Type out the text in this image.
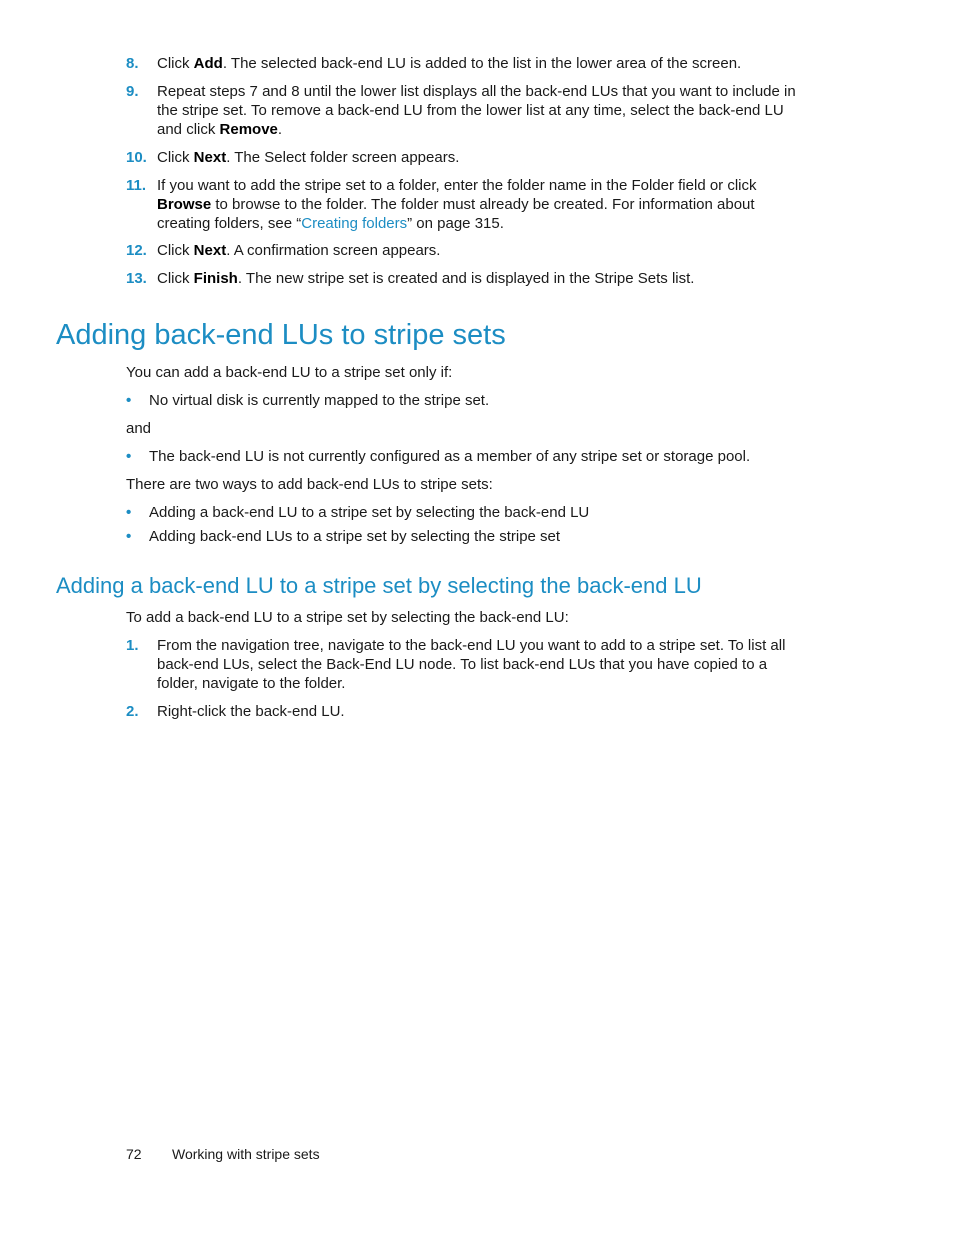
8. Click Add. The selected back-end LU is added to the list in the lower area of the screen.
9. Repeat steps 7 and 8 until the lower list displays all the back-end LUs that you want to include in the stripe set. To remove a back-end LU from the lower list at any time, select the back-end LU and click Remove.
10. Click Next. The Select folder screen appears.
11. If you want to add the stripe set to a folder, enter the folder name in the Folder field or click Browse to browse to the folder. The folder must already be created. For information about creating folders, see “Creating folders” on page 315.
12. Click Next. A confirmation screen appears.
13. Click Finish. The new stripe set is created and is displayed in the Stripe Sets list.
Adding back-end LUs to stripe sets
You can add a back-end LU to a stripe set only if:
• No virtual disk is currently mapped to the stripe set.
and
• The back-end LU is not currently configured as a member of any stripe set or storage pool.
There are two ways to add back-end LUs to stripe sets:
• Adding a back-end LU to a stripe set by selecting the back-end LU
• Adding back-end LUs to a stripe set by selecting the stripe set
Adding a back-end LU to a stripe set by selecting the back-end LU
To add a back-end LU to a stripe set by selecting the back-end LU:
1. From the navigation tree, navigate to the back-end LU you want to add to a stripe set. To list all back-end LUs, select the Back-End LU node. To list back-end LUs that you have copied to a folder, navigate to the folder.
2. Right-click the back-end LU.
72 Working with stripe sets
